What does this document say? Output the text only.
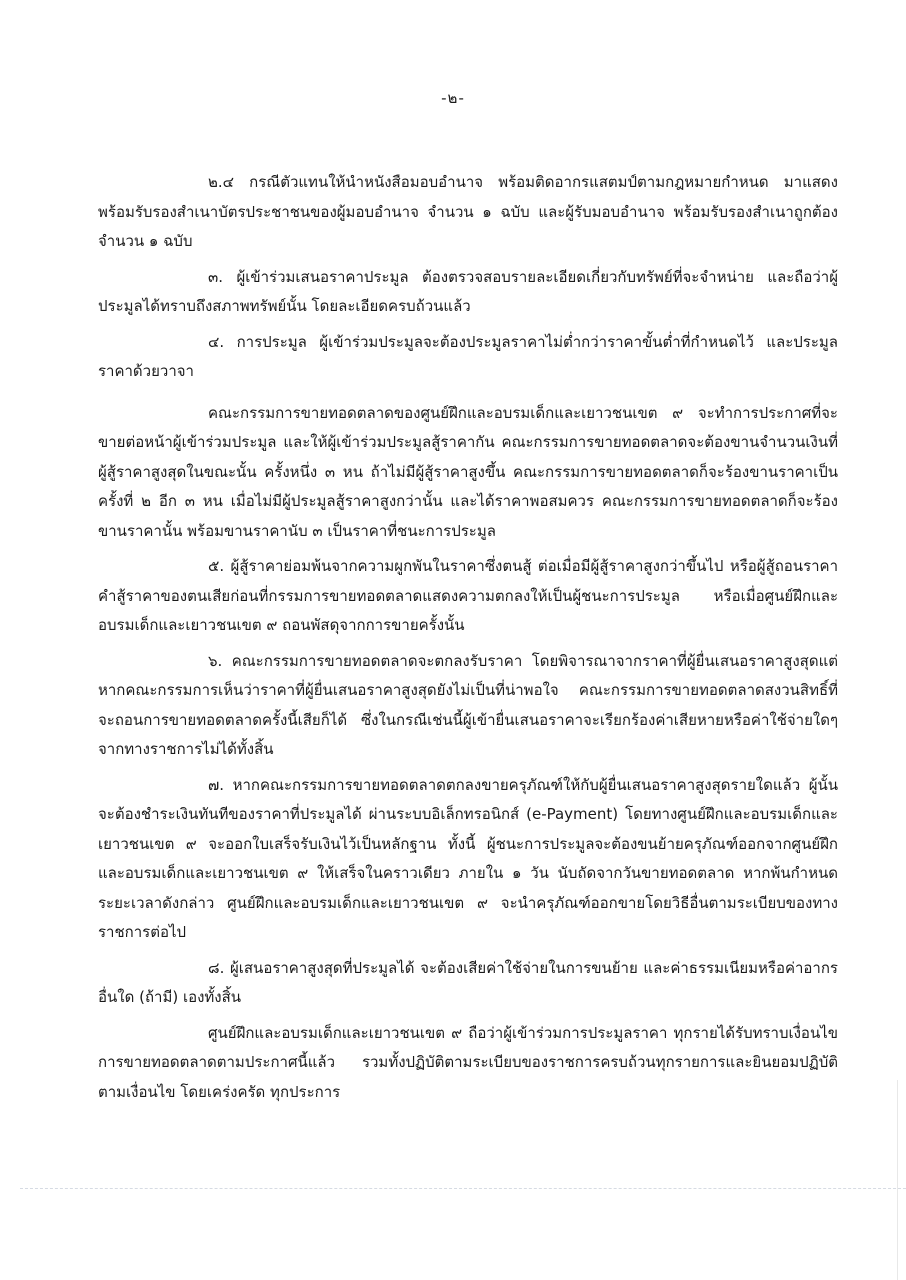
-๒-

๒.๔ กรณีตัวแทนให้นำหนังสือมอบอำนาจ พร้อมติดอากรแสตมป์ตามกฎหมายกำหนด มาแสดง พร้อมรับรองสำเนาบัตรประชาชนของผู้มอบอำนาจ จำนวน ๑ ฉบับ และผู้รับมอบอำนาจ พร้อมรับรองสำเนาถูกต้อง จำนวน ๑ ฉบับ

๓. ผู้เข้าร่วมเสนอราคาประมูล ต้องตรวจสอบรายละเอียดเกี่ยวกับทรัพย์ที่จะจำหน่าย และถือว่าผู้ประมูลได้ทราบถึงสภาพทรัพย์นั้น โดยละเอียดครบถ้วนแล้ว

๔. การประมูล ผู้เข้าร่วมประมูลจะต้องประมูลราคาไม่ต่ำกว่าราคาขั้นต่ำที่กำหนดไว้ และประมูลราคาด้วยวาจา

คณะกรรมการขายทอดตลาดของศูนย์ฝึกและอบรมเด็กและเยาวชนเขต ๙ จะทำการประกาศที่จะขายต่อหน้าผู้เข้าร่วมประมูล และให้ผู้เข้าร่วมประมูลสู้ราคากัน คณะกรรมการขายทอดตลาดจะต้องขานจำนวนเงินที่ผู้สู้ราคาสูงสุดในขณะนั้น ครั้งหนึ่ง ๓ หน ถ้าไม่มีผู้สู้ราคาสูงขึ้น คณะกรรมการขายทอดตลาดก็จะร้องขานราคาเป็นครั้งที่ ๒ อีก ๓ หน เมื่อไม่มีผู้ประมูลสู้ราคาสูงกว่านั้น และได้ราคาพอสมควร คณะกรรมการขายทอดตลาดก็จะร้องขานราคานั้น พร้อมขานราคานับ ๓ เป็นราคาที่ชนะการประมูล

๕. ผู้สู้ราคาย่อมพ้นจากความผูกพันในราคาซึ่งตนสู้ ต่อเมื่อมีผู้สู้ราคาสูงกว่าขึ้นไป หรือผู้สู้ถอนราคาคำสู้ราคาของตนเสียก่อนที่กรรมการขายทอดตลาดแสดงความตกลงให้เป็นผู้ชนะการประมูล หรือเมื่อศูนย์ฝึกและอบรมเด็กและเยาวชนเขต ๙ ถอนพัสดุจากการขายครั้งนั้น

๖. คณะกรรมการขายทอดตลาดจะตกลงรับราคา โดยพิจารณาจากราคาที่ผู้ยื่นเสนอราคาสูงสุดแต่หากคณะกรรมการเห็นว่าราคาที่ผู้ยื่นเสนอราคาสูงสุดยังไม่เป็นที่น่าพอใจ คณะกรรมการขายทอดตลาดสงวนสิทธิ์ที่จะถอนการขายทอดตลาดครั้งนี้เสียก็ได้ ซึ่งในกรณีเช่นนี้ผู้เข้ายื่นเสนอราคาจะเรียกร้องค่าเสียหายหรือค่าใช้จ่ายใดๆ จากทางราชการไม่ได้ทั้งสิ้น

๗. หากคณะกรรมการขายทอดตลาดตกลงขายครุภัณฑ์ให้กับผู้ยื่นเสนอราคาสูงสุดรายใดแล้ว ผู้นั้นจะต้องชำระเงินทันทีของราคาที่ประมูลได้ ผ่านระบบอิเล็กทรอนิกส์ (e-Payment) โดยทางศูนย์ฝึกและอบรมเด็กและเยาวชนเขต ๙ จะออกใบเสร็จรับเงินไว้เป็นหลักฐาน ทั้งนี้ ผู้ชนะการประมูลจะต้องขนย้ายครุภัณฑ์ออกจากศูนย์ฝึกและอบรมเด็กและเยาวชนเขต ๙ ให้เสร็จในคราวเดียว ภายใน ๑ วัน นับถัดจากวันขายทอดตลาด หากพ้นกำหนดระยะเวลาดังกล่าว ศูนย์ฝึกและอบรมเด็กและเยาวชนเขต ๙ จะนำครุภัณฑ์ออกขายโดยวิธีอื่นตามระเบียบของทางราชการต่อไป

๘. ผู้เสนอราคาสูงสุดที่ประมูลได้ จะต้องเสียค่าใช้จ่ายในการขนย้าย และค่าธรรมเนียมหรือค่าอากรอื่นใด (ถ้ามี) เองทั้งสิ้น

ศูนย์ฝึกและอบรมเด็กและเยาวชนเขต ๙ ถือว่าผู้เข้าร่วมการประมูลราคา ทุกรายได้รับทราบเงื่อนไขการขายทอดตลาดตามประกาศนี้แล้ว รวมทั้งปฏิบัติตามระเบียบของราชการครบถ้วนทุกรายการและยินยอมปฏิบัติตามเงื่อนไข โดยเคร่งครัด ทุกประการ
